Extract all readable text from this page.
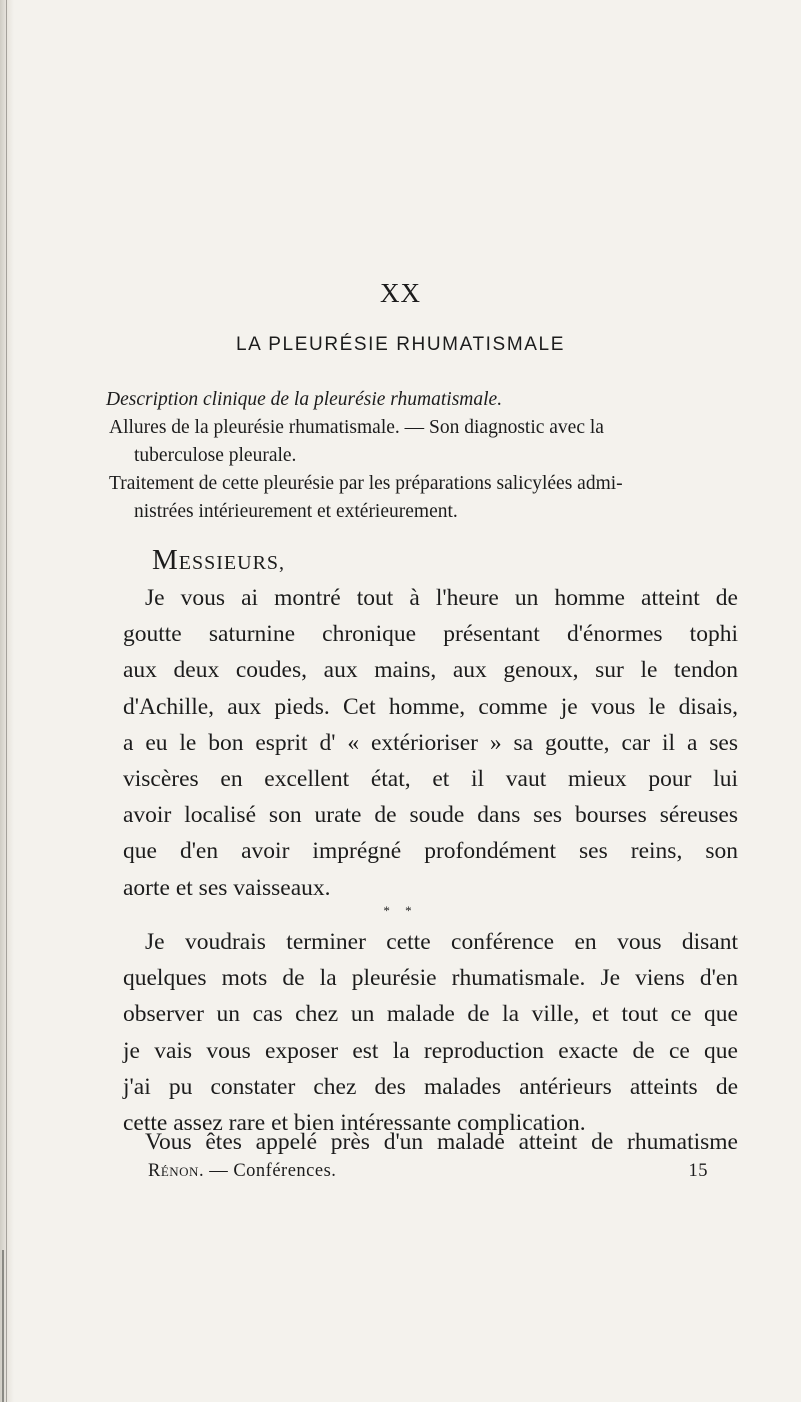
XX
LA PLEURÉSIE RHUMATISMALE
Description clinique de la pleurésie rhumatismale.
Allures de la pleurésie rhumatismale. — Son diagnostic avec la
tuberculose pleurale.
Traitement de cette pleurésie par les préparations salicylées admi-
nistrées intérieurement et extérieurement.
MESSIEURS,
Je vous ai montré tout à l'heure un homme atteint de
goutte saturnine chronique présentant d'énormes tophi
aux deux coudes, aux mains, aux genoux, sur le tendon
d'Achille, aux pieds. Cet homme, comme je vous le disais,
a eu le bon esprit d' « extérioriser » sa goutte, car il a ses
viscères en excellent état, et il vaut mieux pour lui
avoir localisé son urate de soude dans ses bourses séreuses
que d'en avoir imprégné profondément ses reins, son
aorte et ses vaisseaux.
* *
Je voudrais terminer cette conférence en vous disant
quelques mots de la pleurésie rhumatismale. Je viens d'en
observer un cas chez un malade de la ville, et tout ce que
je vais vous exposer est la reproduction exacte de ce que
j'ai pu constater chez des malades antérieurs atteints de
cette assez rare et bien intéressante complication.
Vous êtes appelé près d'un malade atteint de rhumatisme
Rénon. — Conférences.	15
